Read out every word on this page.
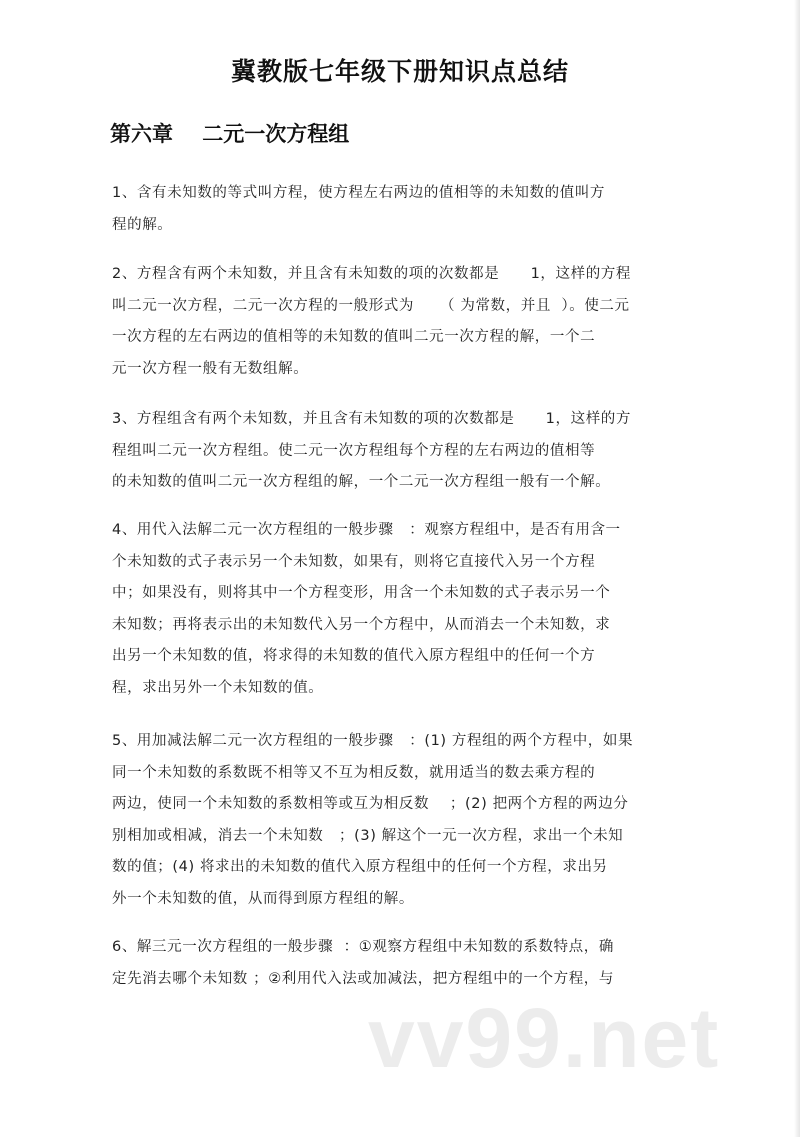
冀教版七年级下册知识点总结
第六章    二元一次方程组
1、含有未知数的等式叫方程，使方程左右两边的值相等的未知数的值叫方
程的解。
2、方程含有两个未知数，并且含有未知数的项的次数都是      1，这样的方程
叫二元一次方程，二元一次方程的一般形式为     （ 为常数，并且  ）。使二元
一次方程的左右两边的值相等的未知数的值叫二元一次方程的解，一个二
元一次方程一般有无数组解。
3、方程组含有两个未知数，并且含有未知数的项的次数都是      1，这样的方
程组叫二元一次方程组。使二元一次方程组每个方程的左右两边的值相等
的未知数的值叫二元一次方程组的解，一个二元一次方程组一般有一个解。
4、用代入法解二元一次方程组的一般步骤   ：观察方程组中，是否有用含一
个未知数的式子表示另一个未知数，如果有，则将它直接代入另一个方程
中；如果没有，则将其中一个方程变形，用含一个未知数的式子表示另一个
未知数；再将表示出的未知数代入另一个方程中，从而消去一个未知数，求
出另一个未知数的值，将求得的未知数的值代入原方程组中的任何一个方
程，求出另外一个未知数的值。
5、用加减法解二元一次方程组的一般步骤   ：(1) 方程组的两个方程中，如果
同一个未知数的系数既不相等又不互为相反数，就用适当的数去乘方程的
两边，使同一个未知数的系数相等或互为相反数    ；(2) 把两个方程的两边分
别相加或相减，消去一个未知数   ；(3) 解这个一元一次方程，求出一个未知
数的值；(4) 将求出的未知数的值代入原方程组中的任何一个方程，求出另
外一个未知数的值，从而得到原方程组的解。
6、解三元一次方程组的一般步骤  ：①观察方程组中未知数的系数特点，确
定先消去哪个未知数 ；②利用代入法或加减法，把方程组中的一个方程，与
vv99.net
